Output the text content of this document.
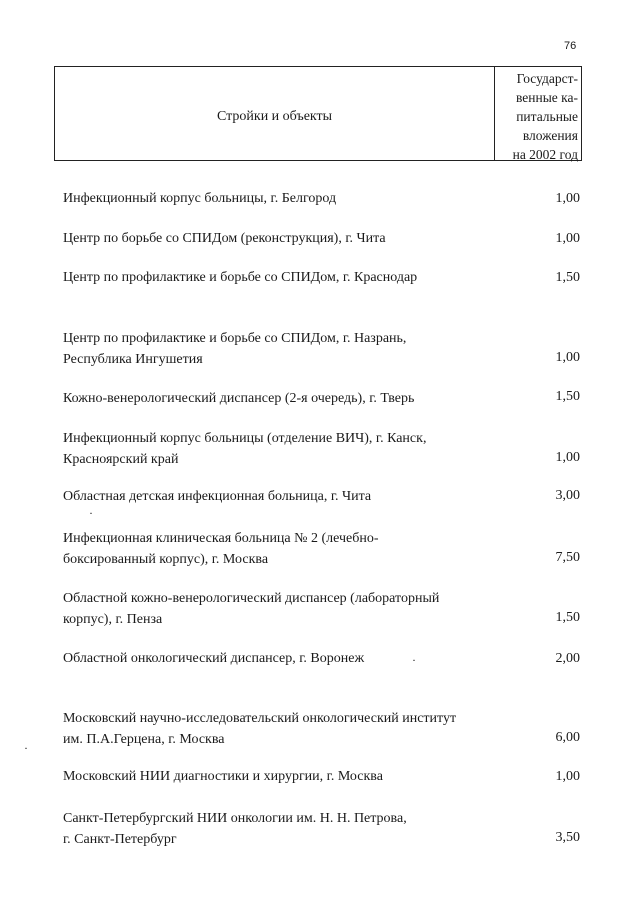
76
Стройки и объекты
Государст-
венные ка-
питальные
вложения
на 2002 год
Инфекционный корпус больницы, г. Белгород	1,00
Центр по борьбе со СПИДом (реконструкция), г. Чита	1,00
Центр по профилактике и борьбе со СПИДом, г. Краснодар	1,50
Центр по профилактике и борьбе со СПИДом, г. Назрань,
Республика Ингушетия	1,00
Кожно-венерологический диспансер (2-я очередь), г. Тверь	1,50
Инфекционный корпус больницы (отделение ВИЧ), г. Канск,
Красноярский край	1,00
Областная детская инфекционная больница, г. Чита	3,00
Инфекционная клиническая больница № 2 (лечебно-
боксированный корпус), г. Москва	7,50
Областной кожно-венерологический диспансер (лабораторный
корпус), г. Пенза	1,50
Областной онкологический диспансер, г. Воронеж	2,00
Московский научно-исследовательский онкологический институт
им. П.А.Герцена, г. Москва	6,00
Московский НИИ диагностики и хирургии, г. Москва	1,00
Санкт-Петербургский НИИ онкологии им. Н. Н. Петрова,
г. Санкт-Петербург	3,50
·
·
·
